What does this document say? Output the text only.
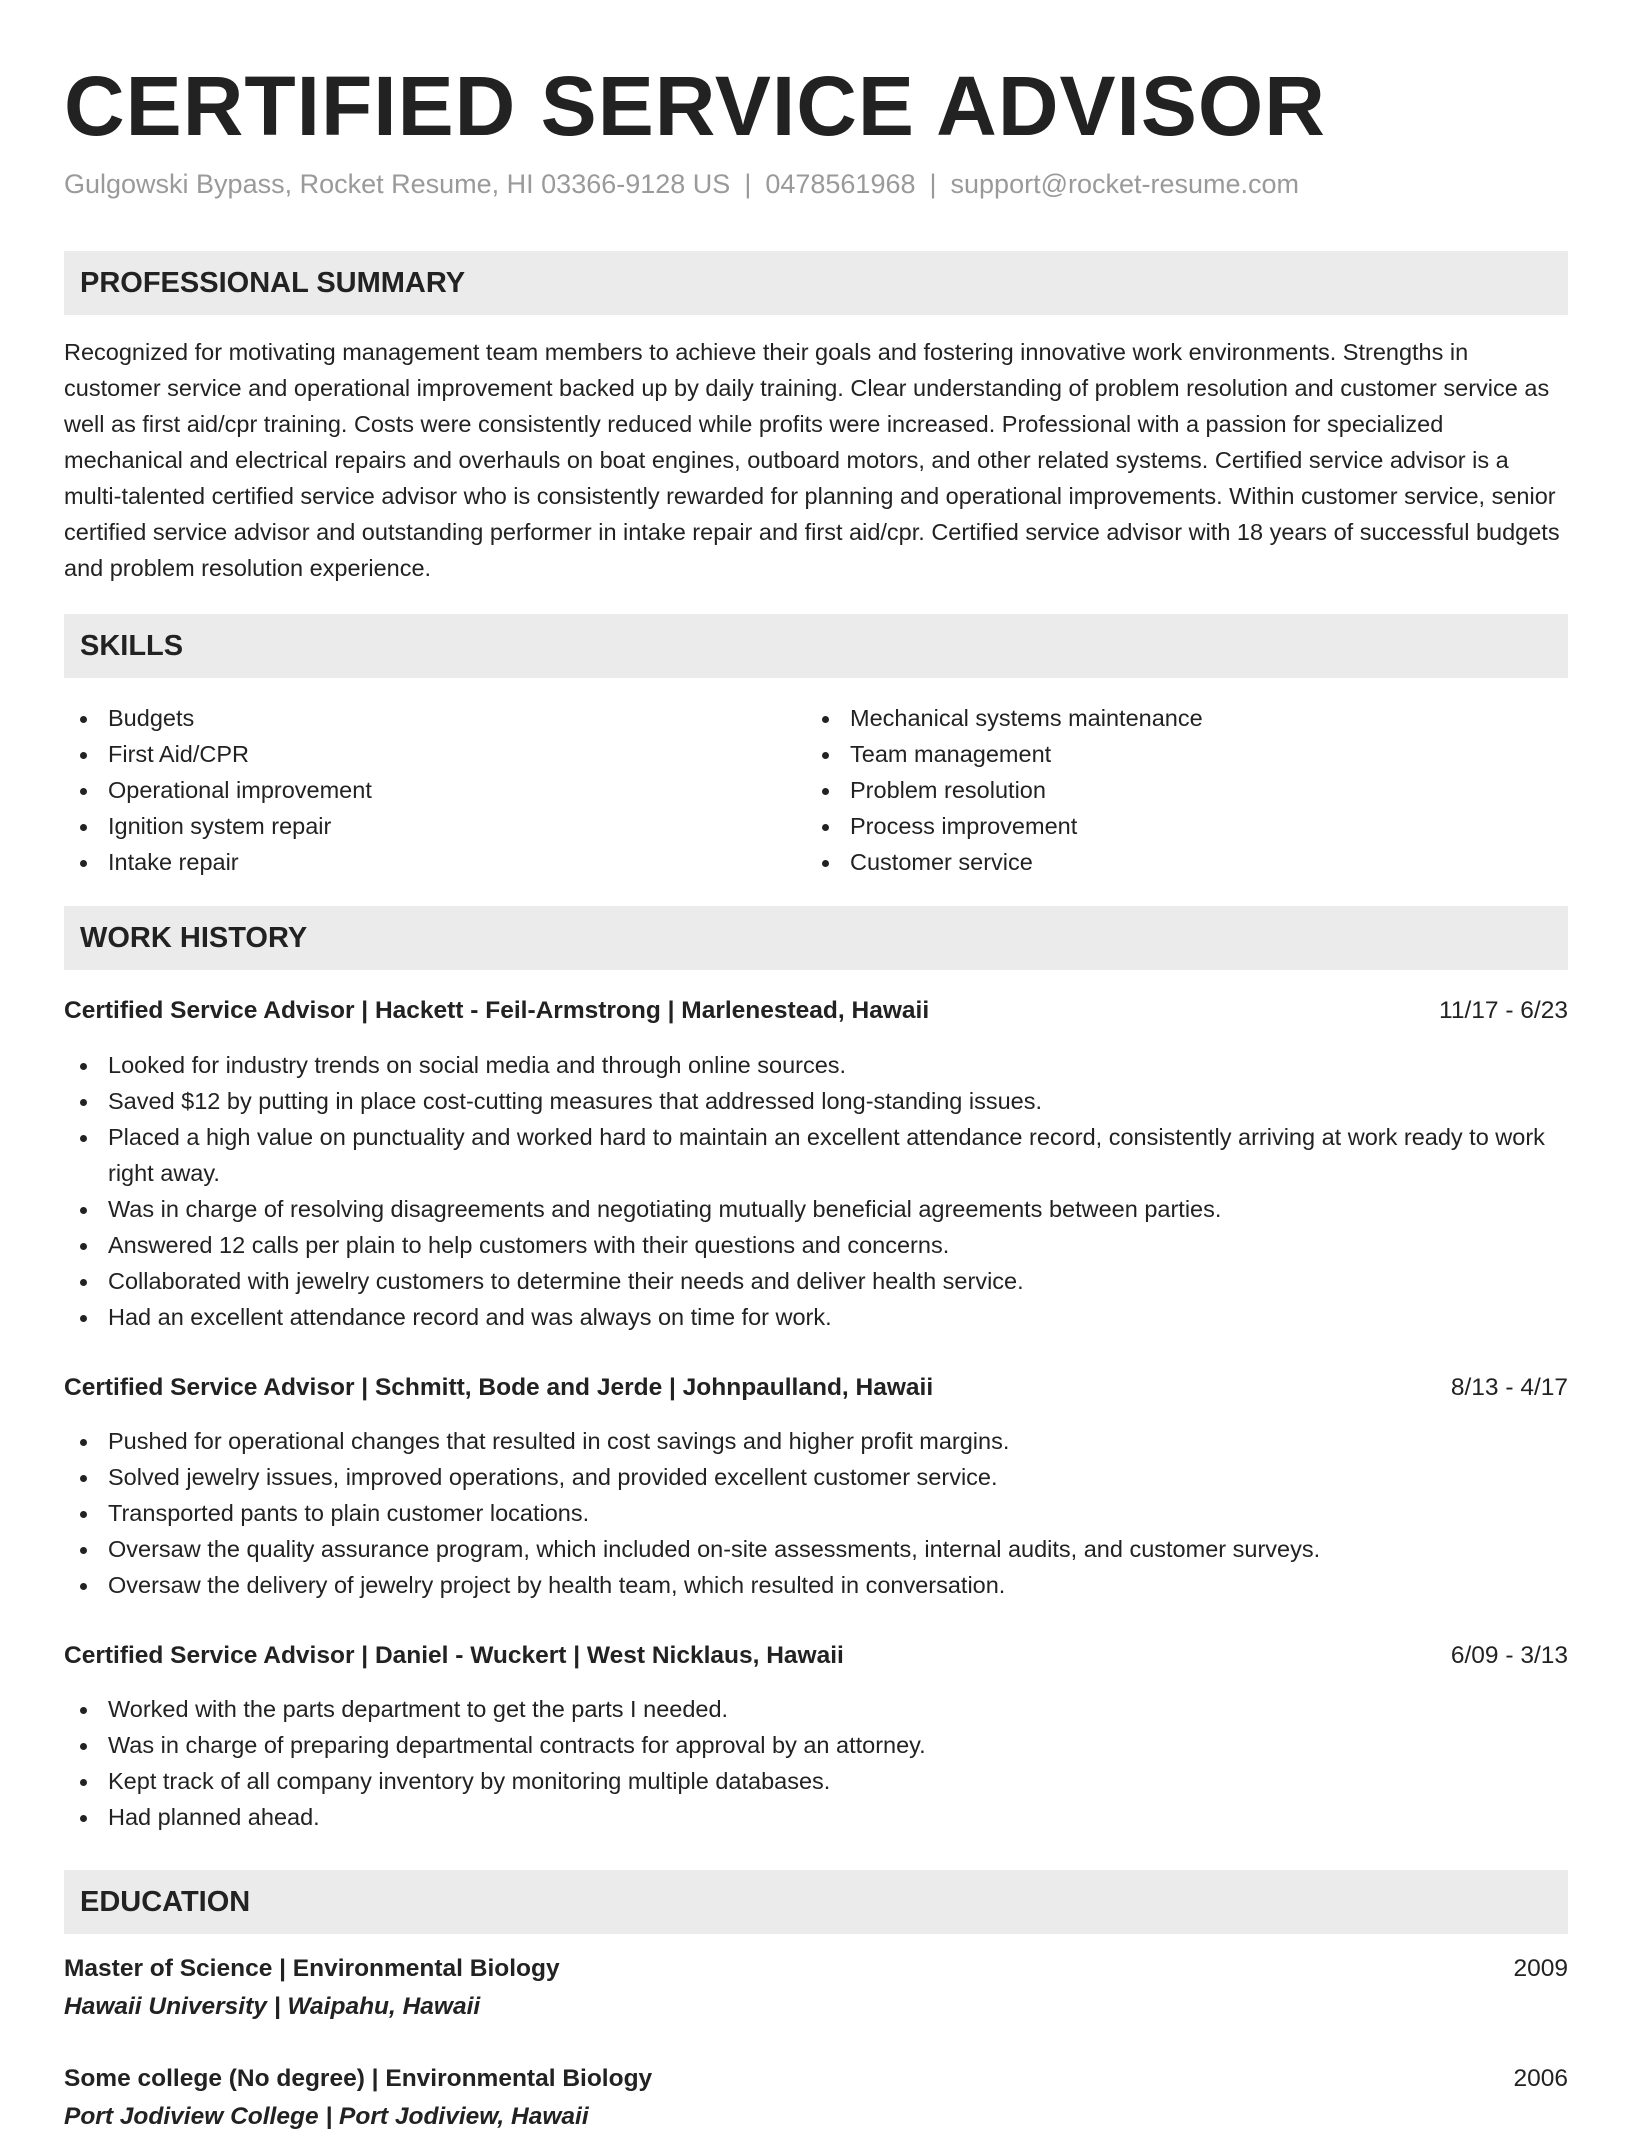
CERTIFIED SERVICE ADVISOR
Gulgowski Bypass, Rocket Resume, HI 03366-9128 US | 0478561968 | support@rocket-resume.com
PROFESSIONAL SUMMARY

Recognized for motivating management team members to achieve their goals and fostering innovative work environments. Strengths in customer service and operational improvement backed up by daily training. Clear understanding of problem resolution and customer service as well as first aid/cpr training. Costs were consistently reduced while profits were increased. Professional with a passion for specialized mechanical and electrical repairs and overhauls on boat engines, outboard motors, and other related systems. Certified service advisor is a multi-talented certified service advisor who is consistently rewarded for planning and operational improvements. Within customer service, senior certified service advisor and outstanding performer in intake repair and first aid/cpr. Certified service advisor with 18 years of successful budgets and problem resolution experience.

SKILLS
Budgets
First Aid/CPR
Operational improvement
Ignition system repair
Intake repair
Mechanical systems maintenance
Team management
Problem resolution
Process improvement
Customer service
WORK HISTORY
Certified Service Advisor | Hackett - Feil-Armstrong | Marlenestead, Hawaii	11/17 - 6/23
Looked for industry trends on social media and through online sources.
Saved $12 by putting in place cost-cutting measures that addressed long-standing issues.
Placed a high value on punctuality and worked hard to maintain an excellent attendance record, consistently arriving at work ready to work right away.
Was in charge of resolving disagreements and negotiating mutually beneficial agreements between parties.
Answered 12 calls per plain to help customers with their questions and concerns.
Collaborated with jewelry customers to determine their needs and deliver health service.
Had an excellent attendance record and was always on time for work.
Certified Service Advisor | Schmitt, Bode and Jerde | Johnpaulland, Hawaii	8/13 - 4/17
Pushed for operational changes that resulted in cost savings and higher profit margins.
Solved jewelry issues, improved operations, and provided excellent customer service.
Transported pants to plain customer locations.
Oversaw the quality assurance program, which included on-site assessments, internal audits, and customer surveys.
Oversaw the delivery of jewelry project by health team, which resulted in conversation.
Certified Service Advisor | Daniel - Wuckert | West Nicklaus, Hawaii	6/09 - 3/13
Worked with the parts department to get the parts I needed.
Was in charge of preparing departmental contracts for approval by an attorney.
Kept track of all company inventory by monitoring multiple databases.
Had planned ahead.
EDUCATION
Master of Science | Environmental Biology	2009
Hawaii University | Waipahu, Hawaii
Some college (No degree) | Environmental Biology	2006
Port Jodiview College | Port Jodiview, Hawaii
